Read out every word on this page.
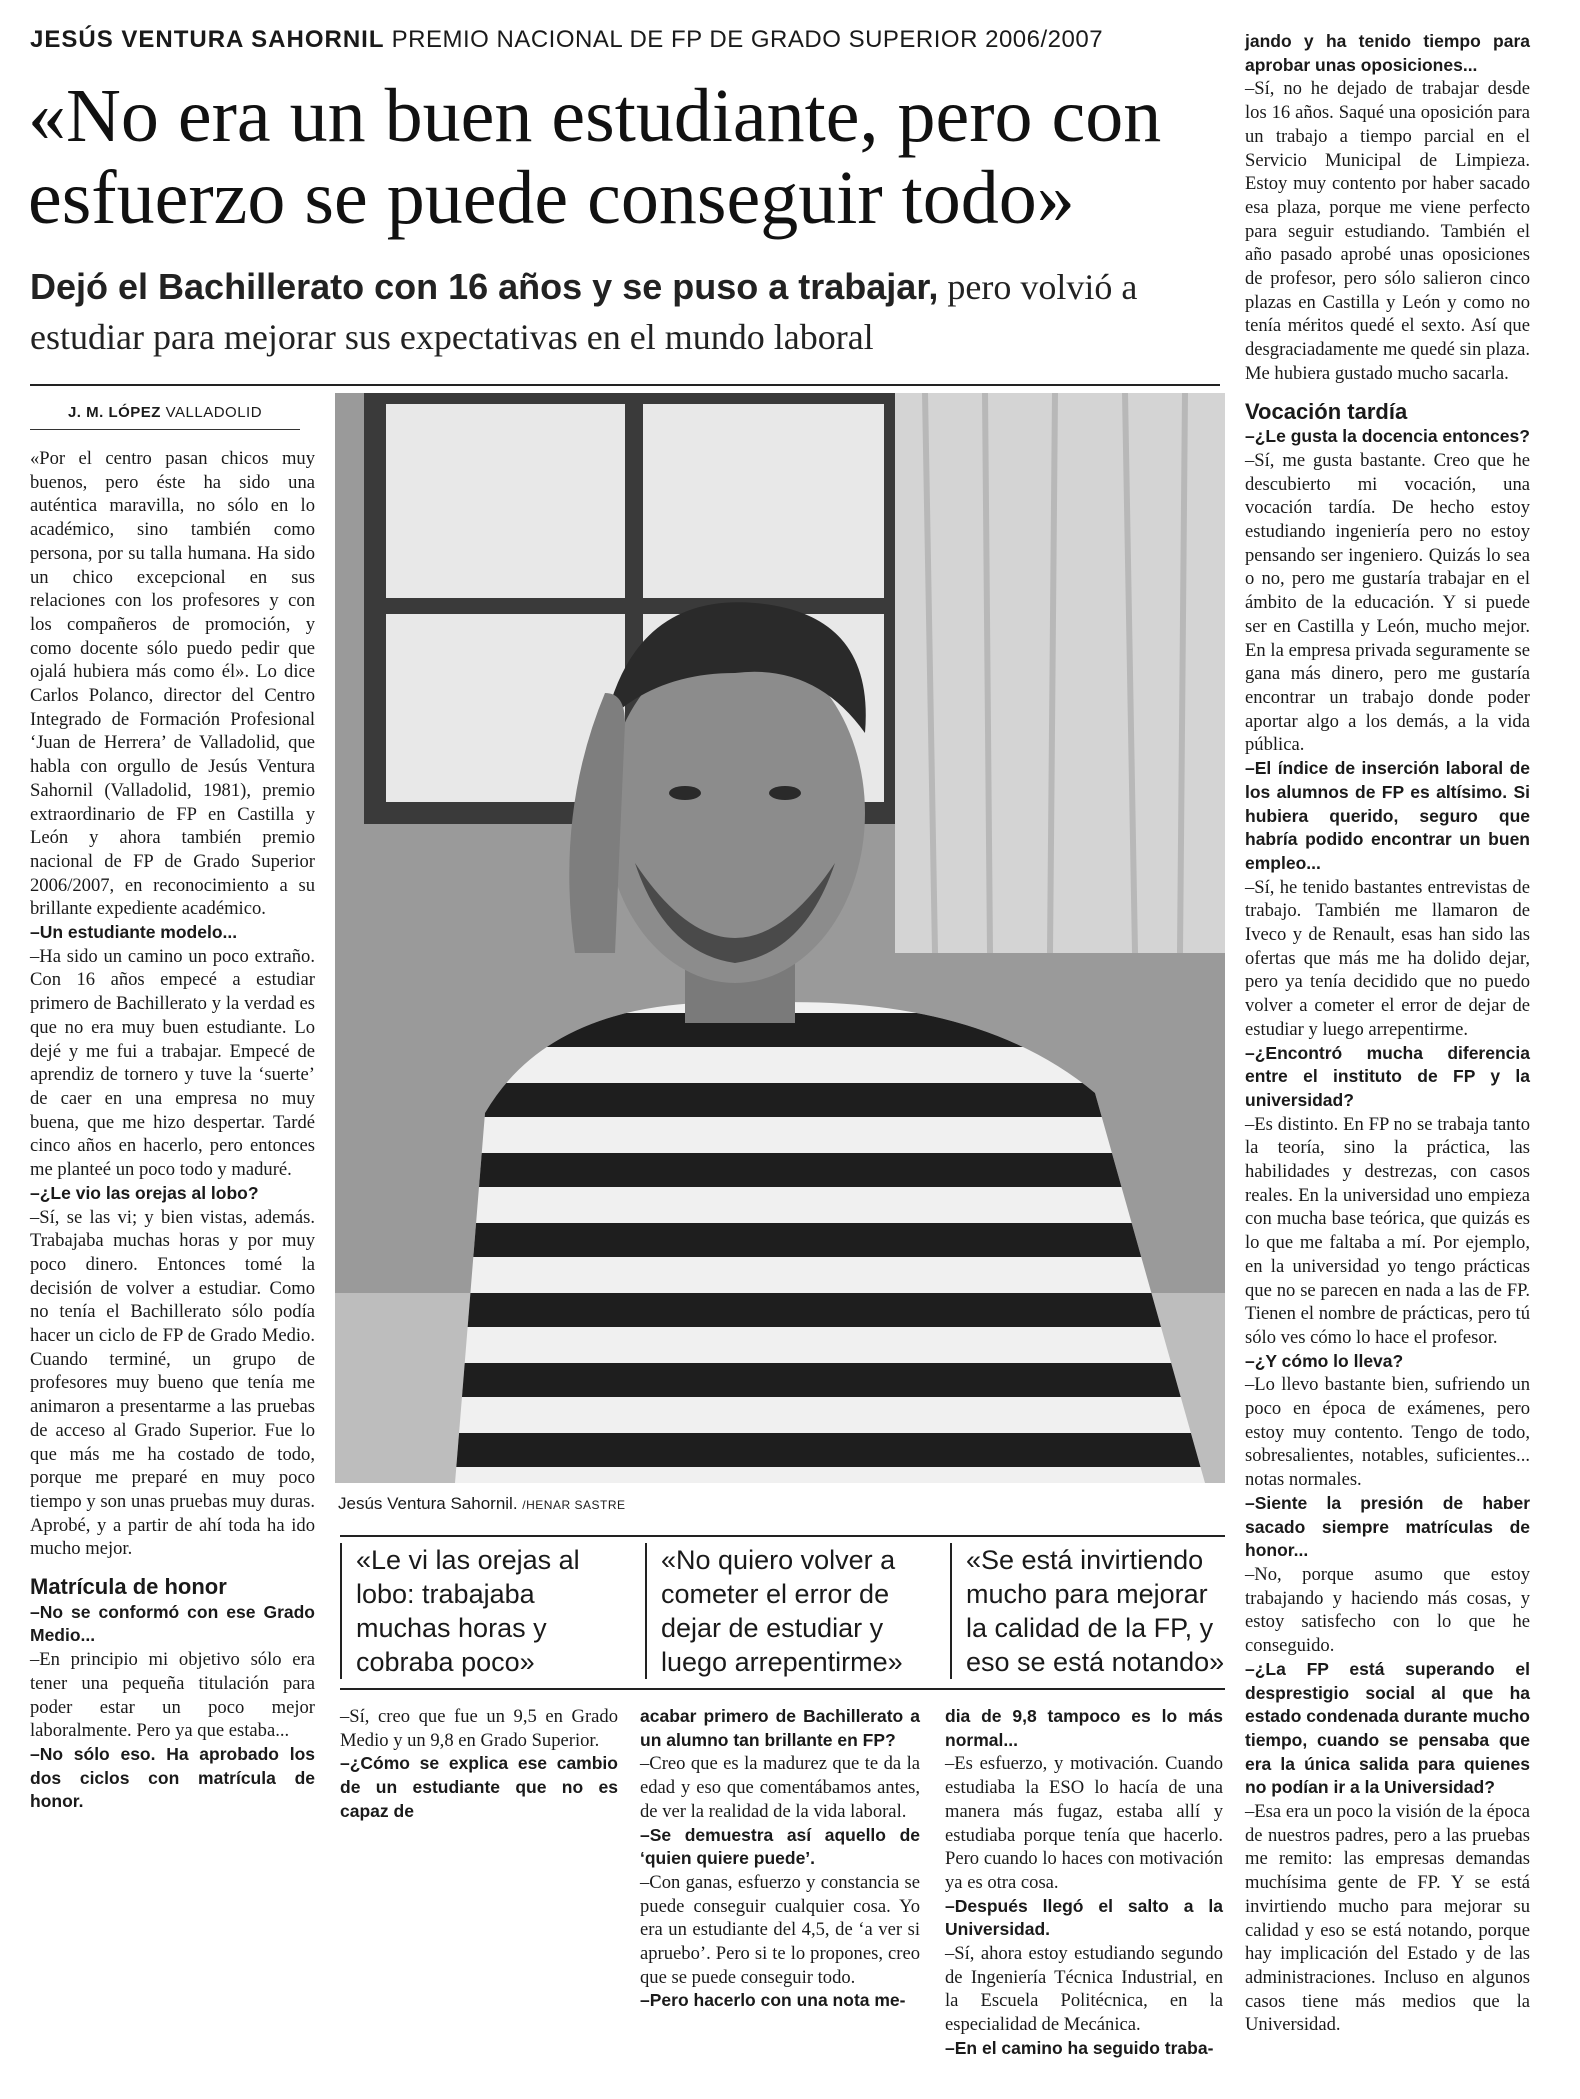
JESÚS VENTURA SAHORNIL PREMIO NACIONAL DE FP DE GRADO SUPERIOR 2006/2007
«No era un buen estudiante, pero con esfuerzo se puede conseguir todo»
Dejó el Bachillerato con 16 años y se puso a trabajar, pero volvió a estudiar para mejorar sus expectativas en el mundo laboral
J. M. LÓPEZ VALLADOLID

«Por el centro pasan chicos muy buenos, pero éste ha sido una auténtica maravilla, no sólo en lo académico, sino también como persona, por su talla humana. Ha sido un chico excepcional en sus relaciones con los profesores y con los compañeros de promoción, y como docente sólo puedo pedir que ojalá hubiera más como él». Lo dice Carlos Polanco, director del Centro Integrado de Formación Profesional ‘Juan de Herrera’ de Valladolid, que habla con orgullo de Jesús Ventura Sahornil (Valladolid, 1981), premio extraordinario de FP en Castilla y León y ahora también premio nacional de FP de Grado Superior 2006/2007, en reconocimiento a su brillante expediente académico.

–Un estudiante modelo...

–Ha sido un camino un poco extraño. Con 16 años empecé a estudiar primero de Bachillerato y la verdad es que no era muy buen estudiante. Lo dejé y me fui a trabajar. Empecé de aprendiz de tornero y tuve la ‘suerte’ de caer en una empresa no muy buena, que me hizo despertar. Tardé cinco años en hacerlo, pero entonces me planteé un poco todo y maduré.

–¿Le vio las orejas al lobo?

–Sí, se las vi; y bien vistas, además. Trabajaba muchas horas y por muy poco dinero. Entonces tomé la decisión de volver a estudiar. Como no tenía el Bachillerato sólo podía hacer un ciclo de FP de Grado Medio. Cuando terminé, un grupo de profesores muy bueno que tenía me animaron a presentarme a las pruebas de acceso al Grado Superior. Fue lo que más me ha costado de todo, porque me preparé en muy poco tiempo y son unas pruebas muy duras. Aprobé, y a partir de ahí toda ha ido mucho mejor.

Matrícula de honor

–No se conformó con ese Grado Medio...

–En principio mi objetivo sólo era tener una pequeña titulación para poder estar un poco mejor laboralmente. Pero ya que estaba...

–No sólo eso. Ha aprobado los dos ciclos con matrícula de honor.

Jesús Ventura Sahornil. /HENAR SASTRE
«Le vi las orejas al lobo: trabajaba muchas horas y cobraba poco»
«No quiero volver a cometer el error de dejar de estudiar y luego arrepentirme»
«Se está invirtiendo mucho para mejorar la calidad de la FP, y eso se está notando»

–Sí, creo que fue un 9,5 en Grado Medio y un 9,8 en Grado Superior.

–¿Cómo se explica ese cambio de un estudiante que no es capaz de

acabar primero de Bachillerato a un alumno tan brillante en FP?

–Creo que es la madurez que te da la edad y eso que comentábamos antes, de ver la realidad de la vida laboral.

–Se demuestra así aquello de ‘quien quiere puede’.

–Con ganas, esfuerzo y constancia se puede conseguir cualquier cosa. Yo era un estudiante del 4,5, de ‘a ver si apruebo’. Pero si te lo propones, creo que se puede conseguir todo.

–Pero hacerlo con una nota me-

dia de 9,8 tampoco es lo más normal...

–Es esfuerzo, y motivación. Cuando estudiaba la ESO lo hacía de una manera más fugaz, estaba allí y estudiaba porque tenía que hacerlo. Pero cuando lo haces con motivación ya es otra cosa.

–Después llegó el salto a la Universidad.

–Sí, ahora estoy estudiando segundo de Ingeniería Técnica Industrial, en la Escuela Politécnica, en la especialidad de Mecánica.

–En el camino ha seguido traba-

jando y ha tenido tiempo para aprobar unas oposiciones...

–Sí, no he dejado de trabajar desde los 16 años. Saqué una oposición para un trabajo a tiempo parcial en el Servicio Municipal de Limpieza. Estoy muy contento por haber sacado esa plaza, porque me viene perfecto para seguir estudiando. También el año pasado aprobé unas oposiciones de profesor, pero sólo salieron cinco plazas en Castilla y León y como no tenía méritos quedé el sexto. Así que desgraciadamente me quedé sin plaza. Me hubiera gustado mucho sacarla.

Vocación tardía

–¿Le gusta la docencia entonces?

–Sí, me gusta bastante. Creo que he descubierto mi vocación, una vocación tardía. De hecho estoy estudiando ingeniería pero no estoy pensando ser ingeniero. Quizás lo sea o no, pero me gustaría trabajar en el ámbito de la educación. Y si puede ser en Castilla y León, mucho mejor. En la empresa privada seguramente se gana más dinero, pero me gustaría encontrar un trabajo donde poder aportar algo a los demás, a la vida pública.

–El índice de inserción laboral de los alumnos de FP es altísimo. Si hubiera querido, seguro que habría podido encontrar un buen empleo...

–Sí, he tenido bastantes entrevistas de trabajo. También me llamaron de Iveco y de Renault, esas han sido las ofertas que más me ha dolido dejar, pero ya tenía decidido que no puedo volver a cometer el error de dejar de estudiar y luego arrepentirme.

–¿Encontró mucha diferencia entre el instituto de FP y la universidad?

–Es distinto. En FP no se trabaja tanto la teoría, sino la práctica, las habilidades y destrezas, con casos reales. En la universidad uno empieza con mucha base teórica, que quizás es lo que me faltaba a mí. Por ejemplo, en la universidad yo tengo prácticas que no se parecen en nada a las de FP. Tienen el nombre de prácticas, pero tú sólo ves cómo lo hace el profesor.

–¿Y cómo lo lleva?

–Lo llevo bastante bien, sufriendo un poco en época de exámenes, pero estoy muy contento. Tengo de todo, sobresalientes, notables, suficientes... notas normales.

–Siente la presión de haber sacado siempre matrículas de honor...

–No, porque asumo que estoy trabajando y haciendo más cosas, y estoy satisfecho con lo que he conseguido.

–¿La FP está superando el desprestigio social al que ha estado condenada durante mucho tiempo, cuando se pensaba que era la única salida para quienes no podían ir a la Universidad?

–Esa era un poco la visión de la época de nuestros padres, pero a las pruebas me remito: las empresas demandas muchísima gente de FP. Y se está invirtiendo mucho para mejorar su calidad y eso se está notando, porque hay implicación del Estado y de las administraciones. Incluso en algunos casos tiene más medios que la Universidad.
